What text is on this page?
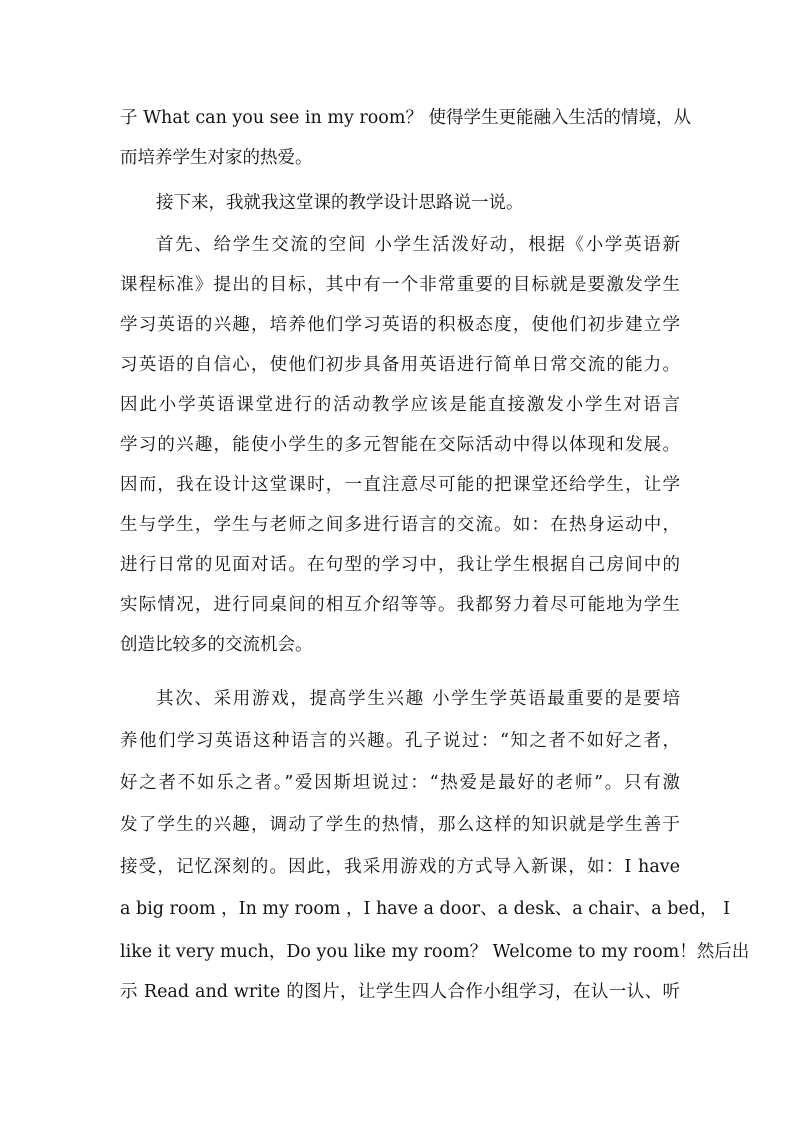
子 What can you see in my room？ 使得学生更能融入生活的情境，从
而培养学生对家的热爱。
接下来，我就我这堂课的教学设计思路说一说。
首先、给学生交流的空间 小学生活泼好动，根据《小学英语新
课程标准》提出的目标，其中有一个非常重要的目标就是要激发学生
学习英语的兴趣，培养他们学习英语的积极态度，使他们初步建立学
习英语的自信心，使他们初步具备用英语进行简单日常交流的能力。
因此小学英语课堂进行的活动教学应该是能直接激发小学生对语言
学习的兴趣，能使小学生的多元智能在交际活动中得以体现和发展。
因而，我在设计这堂课时，一直注意尽可能的把课堂还给学生，让学
生与学生，学生与老师之间多进行语言的交流。如：在热身运动中，
进行日常的见面对话。在句型的学习中，我让学生根据自己房间中的
实际情况，进行同桌间的相互介绍等等。我都努力着尽可能地为学生
创造比较多的交流机会。
其次、采用游戏，提高学生兴趣 小学生学英语最重要的是要培
养他们学习英语这种语言的兴趣。孔子说过：“知之者不如好之者，
好之者不如乐之者。”爱因斯坦说过：“热爱是最好的老师”。只有激
发了学生的兴趣，调动了学生的热情，那么这样的知识就是学生善于
接受，记忆深刻的。因此，我采用游戏的方式导入新课，如：I have
a big room ，In my room ，I have a door、a desk、a chair、a bed， I
like it very much，Do you like my room？ Welcome to my room！然后出
示 Read and write 的图片，让学生四人合作小组学习，在认一认、听
